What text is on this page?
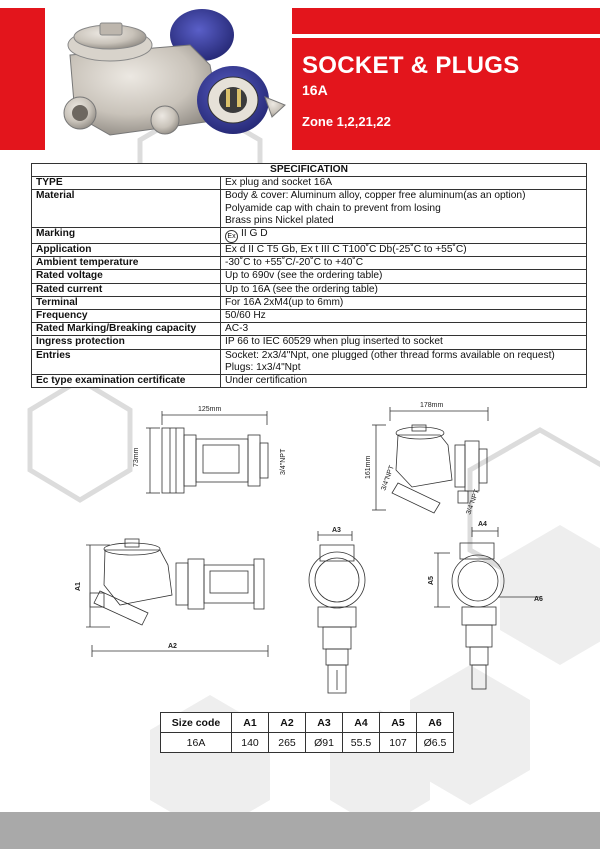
SOCKET & PLUGS
16A
Zone 1,2,21,22
SPECIFICATION	
TYPE	Ex plug and socket 16A

Material	Body & cover: Aluminum alloy, copper free aluminum(as an option)
Polyamide cap with chain to prevent from losing
Brass pins Nickel plated

Marking	Ex II G D
Application	Ex d II C T5 Gb, Ex t III C T100˚C Db(-25˚C to +55˚C)

Ambient temperature	-30˚C to +55˚C/-20˚C to +40˚C

Rated voltage	Up to 690v (see the ordering table)

Rated current	Up to 16A (see the ordering table)

Terminal	For 16A 2xM4(up to 6mm)

Frequency	50/60 Hz

Rated Marking/Breaking capacity	AC-3

Ingress protection	IP 66 to IEC 60529 when plug inserted to socket

Entries	Socket: 2x3/4"Npt, one plugged (other thread forms available on request)
Plugs: 1x3/4"Npt

Ec type examination certificate	Under certification
125mm
73mm	3/4"NPT
178mm
161mm 3/4"NPT
3/4"NPT
A1
A2
A3
A4
A5
A6
Size code	A1	A2	A3	A4	A5	A6
16A	140	265	Ø91	55.5	107	Ø6.5
